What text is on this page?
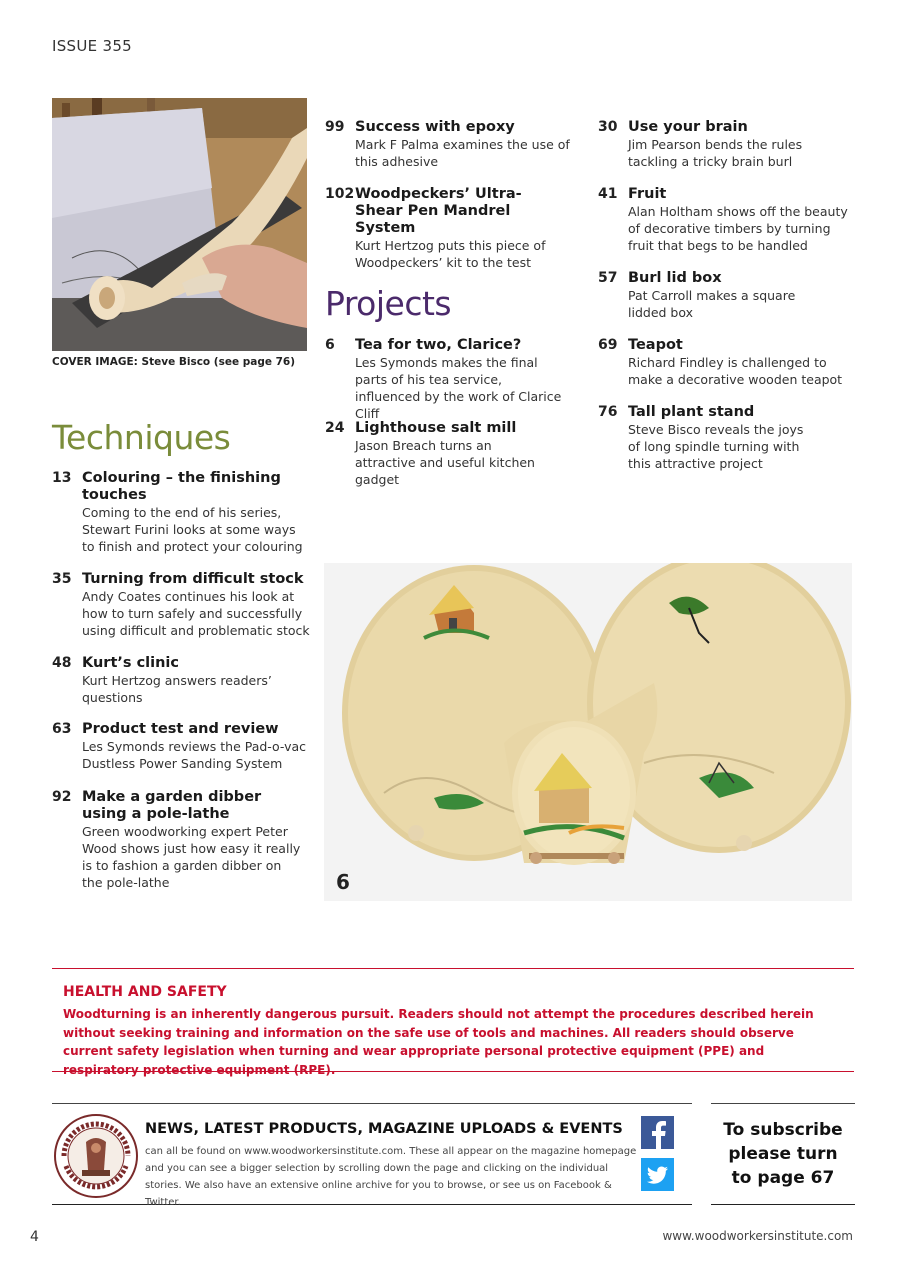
ISSUE 355
COVER IMAGE: Steve Bisco (see page 76)
Techniques
13 Colouring – the finishing touches
Coming to the end of his series, Stewart Furini looks at some ways to finish and protect your colouring
35 Turning from difficult stock
Andy Coates continues his look at how to turn safely and successfully using difficult and problematic stock
48 Kurt’s clinic
Kurt Hertzog answers readers’ questions
63 Product test and review
Les Symonds reviews the Pad-o-vac Dustless Power Sanding System
92 Make a garden dibber using a pole-lathe
Green woodworking expert Peter Wood shows just how easy it really is to fashion a garden dibber on the pole-lathe
99 Success with epoxy
Mark F Palma examines the use of this adhesive
102 Woodpeckers’ Ultra-Shear Pen Mandrel System
Kurt Hertzog puts this piece of Woodpeckers’ kit to the test
Projects
6 Tea for two, Clarice?
Les Symonds makes the final parts of his tea service, influenced by the work of Clarice Cliff
24 Lighthouse salt mill
Jason Breach turns an attractive and useful kitchen gadget
30 Use your brain
Jim Pearson bends the rules tackling a tricky brain burl
41 Fruit
Alan Holtham shows off the beauty of decorative timbers by turning fruit that begs to be handled
57 Burl lid box
Pat Carroll makes a square lidded box
69 Teapot
Richard Findley is challenged to make a decorative wooden teapot
76 Tall plant stand
Steve Bisco reveals the joys of long spindle turning with this attractive project
6
HEALTH AND SAFETY
Woodturning is an inherently dangerous pursuit. Readers should not attempt the procedures described herein without seeking training and information on the safe use of tools and machines. All readers should observe current safety legislation when turning and wear appropriate personal protective equipment (PPE) and respiratory protective equipment (RPE).
NEWS, LATEST PRODUCTS, MAGAZINE UPLOADS & EVENTS
can all be found on www.woodworkersinstitute.com. These all appear on the magazine homepage and you can see a bigger selection by scrolling down the page and clicking on the individual stories. We also have an extensive online archive for you to browse, or see us on Facebook & Twitter.
To subscribe
please turn
to page 67
4	www.woodworkersinstitute.com
